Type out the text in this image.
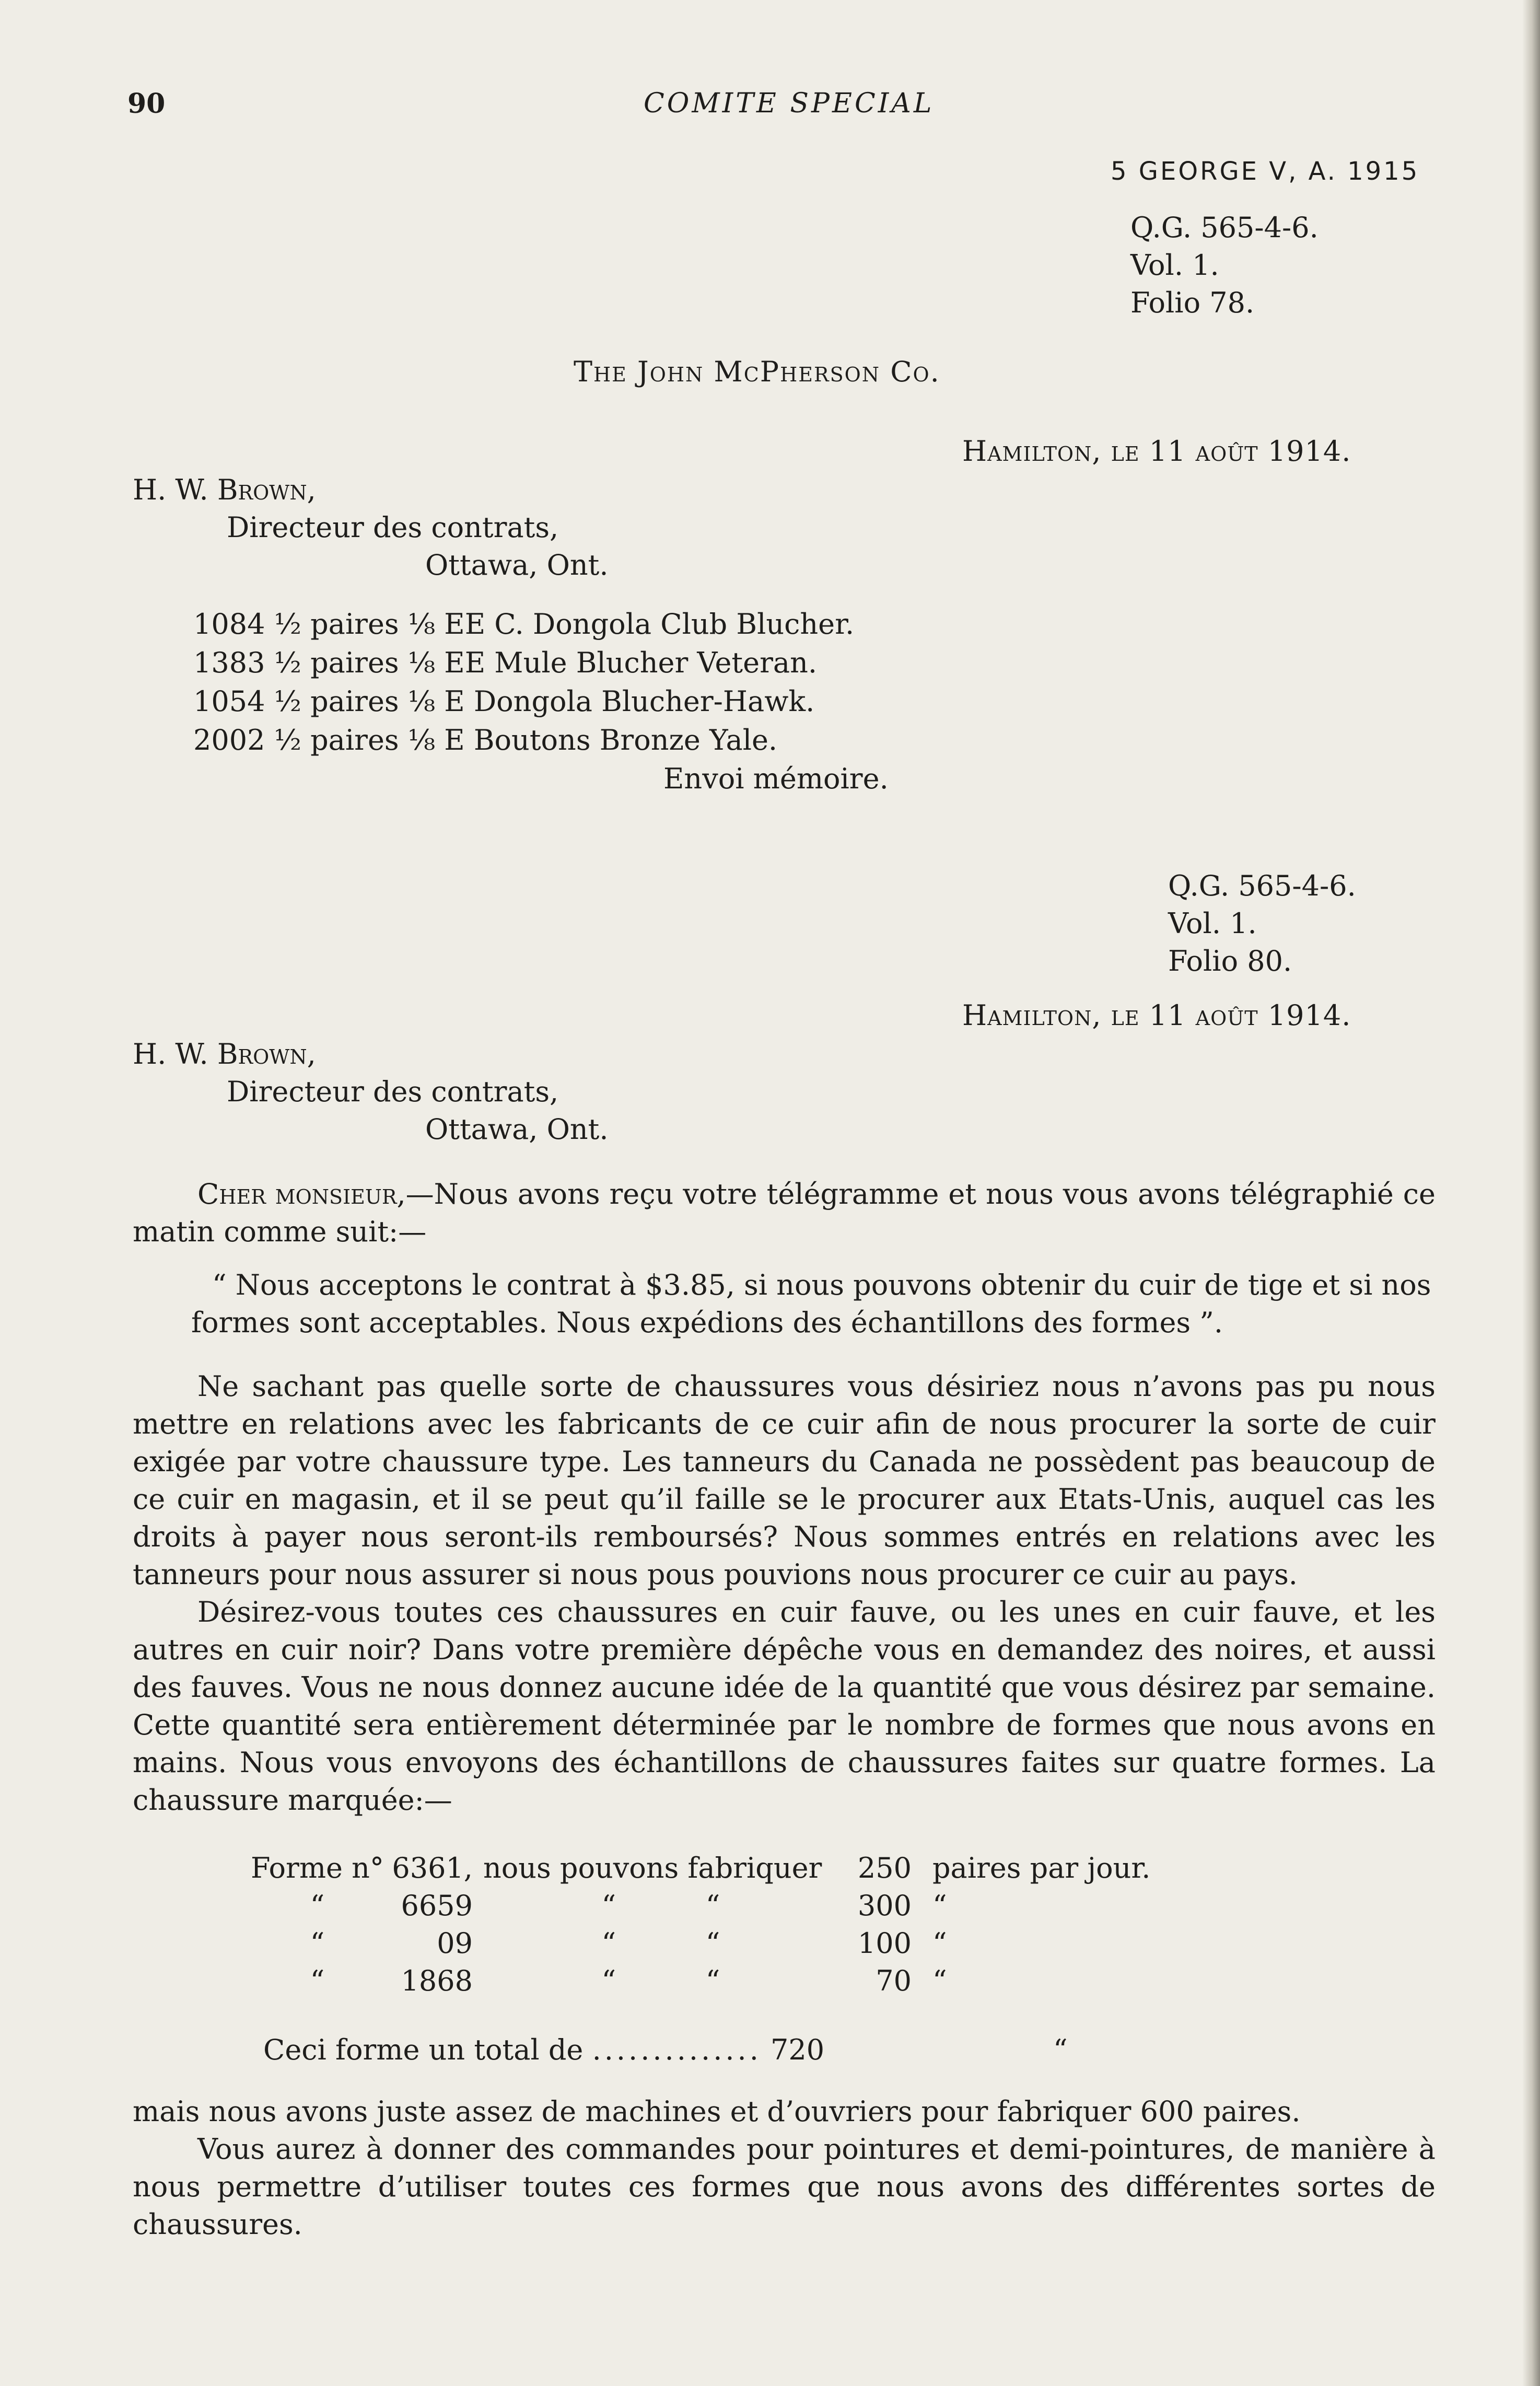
90	COMITE SPECIAL
5 GEORGE V, A. 1915
Q.G. 565-4-6.
Vol. 1.
Folio 78.
The John McPherson Co.
Hamilton, le 11 août 1914.
H. W. Brown,
Directeur des contrats,
Ottawa, Ont.
1084 ½ paires ⅛ EE C. Dongola Club Blucher.
1383 ½ paires ⅛ EE Mule Blucher Veteran.
1054 ½ paires ⅛ E Dongola Blucher-Hawk.
2002 ½ paires ⅛ E Boutons Bronze Yale.
Envoi mémoire.
Q.G. 565-4-6.
Vol. 1.
Folio 80.
Hamilton, le 11 août 1914.
H. W. Brown,
Directeur des contrats,
Ottawa, Ont.

Cher monsieur,—Nous avons reçu votre télégramme et nous vous avons télégraphié ce matin comme suit:—

“ Nous acceptons le contrat à $3.85, si nous pouvons obtenir du cuir de tige et si nos formes sont acceptables. Nous expédions des échantillons des formes ”.

Ne sachant pas quelle sorte de chaussures vous désiriez nous n’avons pas pu nous mettre en relations avec les fabricants de ce cuir afin de nous procurer la sorte de cuir exigée par votre chaussure type. Les tanneurs du Canada ne possèdent pas beaucoup de ce cuir en magasin, et il se peut qu’il faille se le procurer aux Etats-Unis, auquel cas les droits à payer nous seront-ils remboursés? Nous sommes entrés en relations avec les tanneurs pour nous assurer si nous pous pouvions nous procurer ce cuir au pays.

Désirez-vous toutes ces chaussures en cuir fauve, ou les unes en cuir fauve, et les autres en cuir noir? Dans votre première dépêche vous en demandez des noires, et aussi des fauves. Vous ne nous donnez aucune idée de la quantité que vous désirez par semaine. Cette quantité sera entièrement déterminée par le nombre de formes que nous avons en mains. Nous vous envoyons des échantillons de chaussures faites sur quatre formes. La chaussure marquée:—

Forme n°	6361,	nous pouvons fabriquer	250	paires par jour.
“	6659	“          “	300	“
“	09	“          “	100	“
“	1868	“          “	70	“
Ceci forme un total de .............. 720	“

mais nous avons juste assez de machines et d’ouvriers pour fabriquer 600 paires.

Vous aurez à donner des commandes pour pointures et demi-pointures, de manière à nous permettre d’utiliser toutes ces formes que nous avons des différentes sortes de chaussures.
